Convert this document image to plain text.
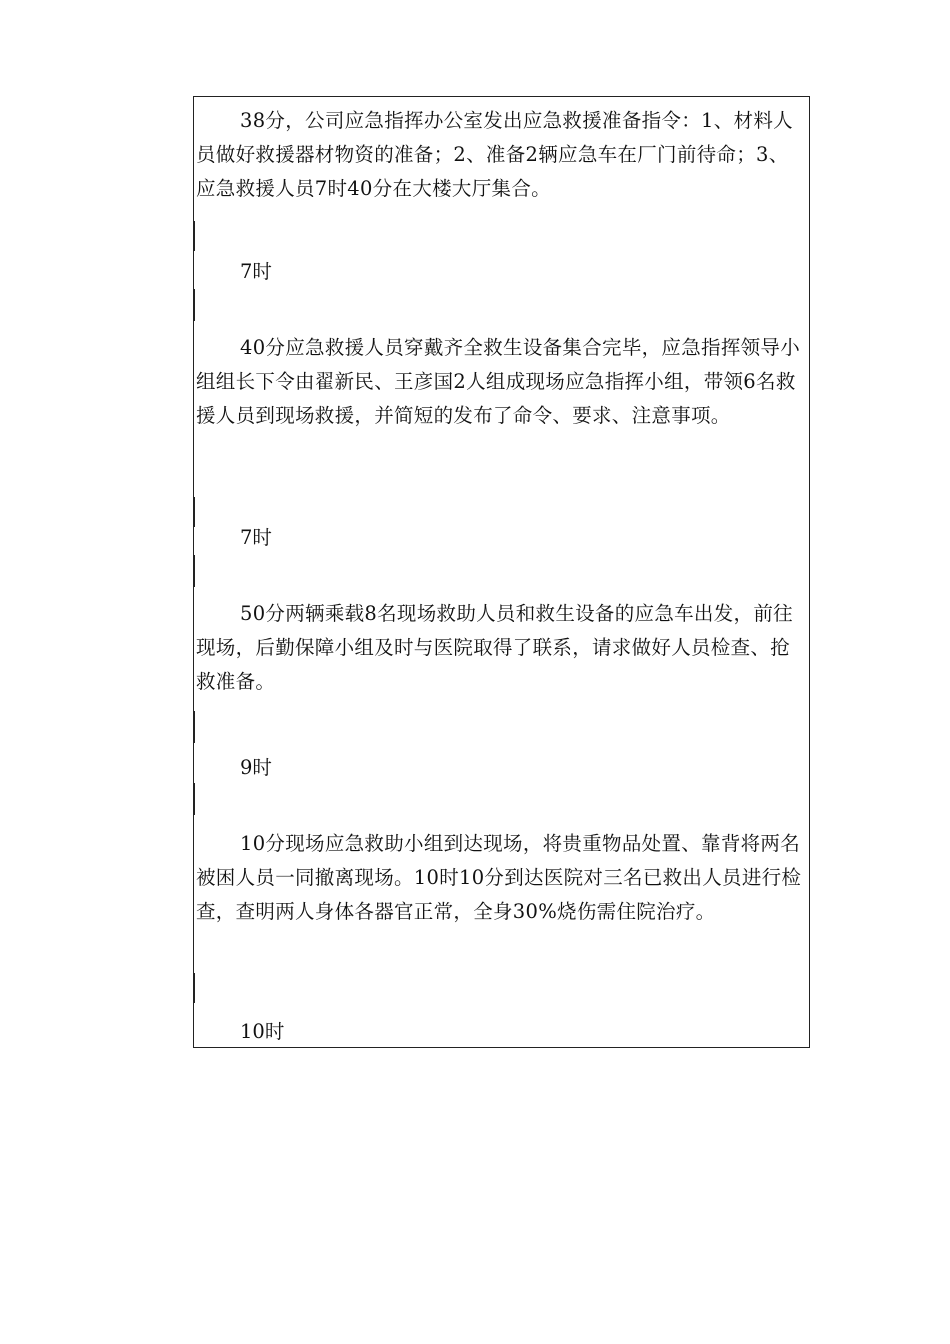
38分，公司应急指挥办公室发出应急救援准备指令：1、材料人员做好救援器材物资的准备；2、准备2辆应急车在厂门前待命；3、应急救援人员7时40分在大楼大厅集合。
7时
40分应急救援人员穿戴齐全救生设备集合完毕，应急指挥领导小组组长下令由翟新民、王彦国2人组成现场应急指挥小组，带领6名救援人员到现场救援，并简短的发布了命令、要求、注意事项。
7时
50分两辆乘载8名现场救助人员和救生设备的应急车出发，前往现场，后勤保障小组及时与医院取得了联系，请求做好人员检查、抢救准备。
9时
10分现场应急救助小组到达现场，将贵重物品处置、靠背将两名被困人员一同撤离现场。10时10分到达医院对三名已救出人员进行检查，查明两人身体各器官正常，全身30%烧伤需住院治疗。
10时
